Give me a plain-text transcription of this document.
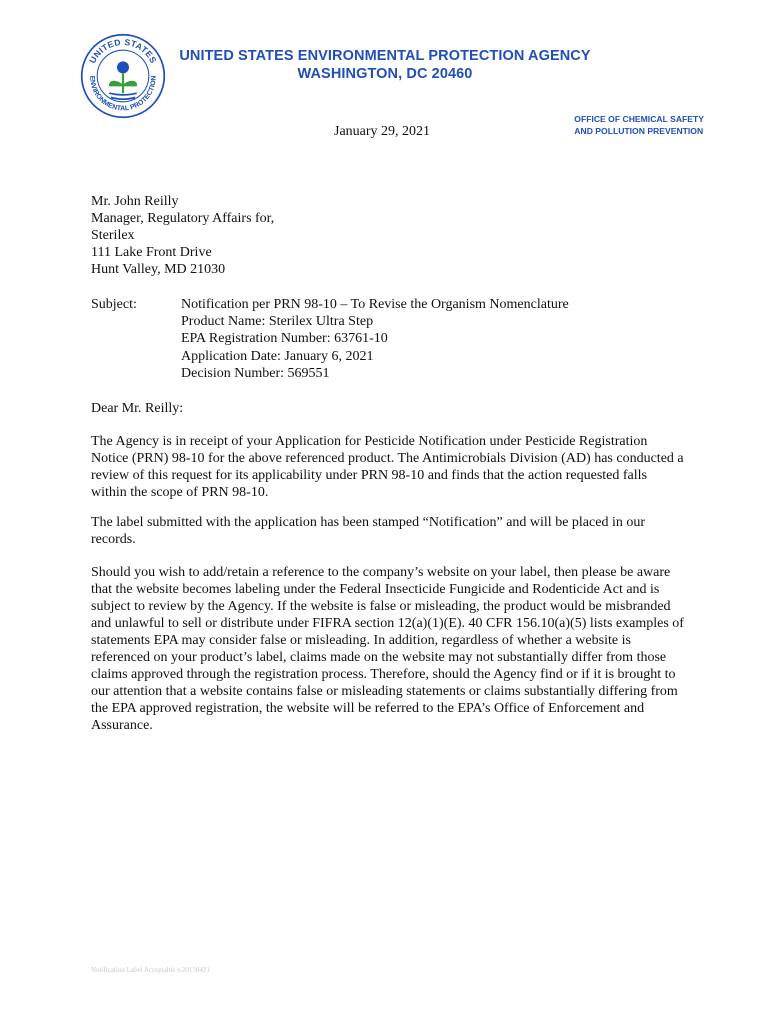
UNITED STATES
ENVIRONMENTAL PROTECTION
UNITED STATES ENVIRONMENTAL PROTECTION AGENCY
WASHINGTON, DC 20460
OFFICE OF CHEMICAL SAFETY
AND POLLUTION PREVENTION
January 29, 2021
Mr. John Reilly
Manager, Regulatory Affairs for,
Sterilex
111 Lake Front Drive
Hunt Valley, MD 21030
Subject:	Notification per PRN 98-10 – To Revise the Organism Nomenclature
Product Name: Sterilex Ultra Step
EPA Registration Number: 63761-10
Application Date: January 6, 2021
Decision Number: 569551
Dear Mr. Reilly:

The Agency is in receipt of your Application for Pesticide Notification under Pesticide Registration Notice (PRN) 98-10 for the above referenced product. The Antimicrobials Division (AD) has conducted a review of this request for its applicability under PRN 98-10 and finds that the action requested falls within the scope of PRN 98-10.

The label submitted with the application has been stamped “Notification” and will be placed in our records.

Should you wish to add/retain a reference to the company’s website on your label, then please be aware that the website becomes labeling under the Federal Insecticide Fungicide and Rodenticide Act and is subject to review by the Agency. If the website is false or misleading, the product would be misbranded and unlawful to sell or distribute under FIFRA section 12(a)(1)(E). 40 CFR 156.10(a)(5) lists examples of statements EPA may consider false or misleading. In addition, regardless of whether a website is referenced on your product’s label, claims made on the website may not substantially differ from those claims approved through the registration process. Therefore, should the Agency find or if it is brought to our attention that a website contains false or misleading statements or claims substantially differing from the EPA approved registration, the website will be referred to the EPA’s Office of Enforcement and Assurance.

Notification Label Acceptable v.20150421
